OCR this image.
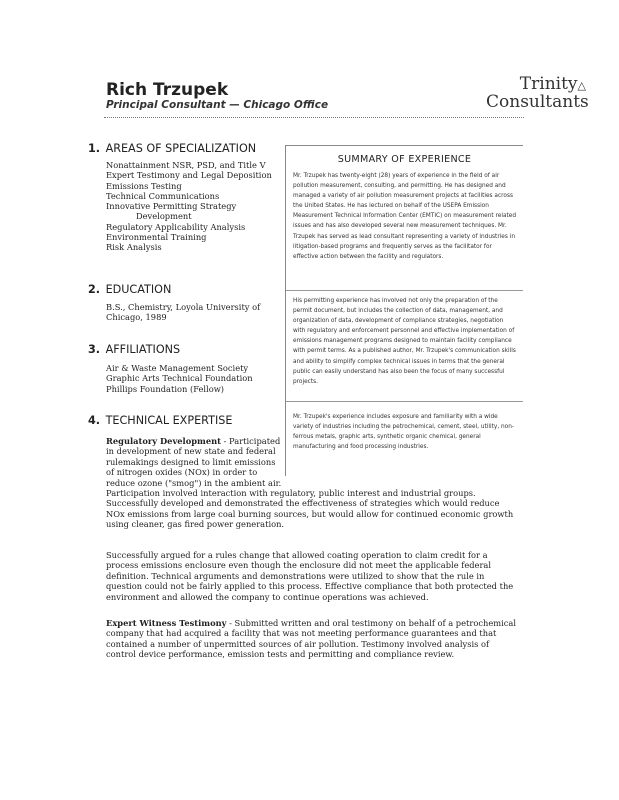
Rich Trzupek
Principal Consultant — Chicago Office
Trinity△
Consultants
1. AREAS OF SPECIALIZATION
Nonattainment NSR, PSD, and Title V
Expert Testimony and Legal Deposition
Emissions Testing
Technical Communications
Innovative Permitting Strategy
Development
Regulatory Applicability Analysis
Environmental Training
Risk Analysis
2. EDUCATION
B.S., Chemistry, Loyola University of
Chicago, 1989
3. AFFILIATIONS
Air & Waste Management Society
Graphic Arts Technical Foundation
Phillips Foundation (Fellow)
SUMMARY OF EXPERIENCE
Mr. Trzupek has twenty-eight (28) years of experience in the field of air pollution measurement, consulting, and permitting. He has designed and managed a variety of air pollution measurement projects at facilities across the United States. He has lectured on behalf of the USEPA Emission Measurement Technical Information Center (EMTIC) on measurement related issues and has also developed several new measurement techniques. Mr. Trzupek has served as lead consultant representing a variety of industries in litigation-based programs and frequently serves as the facilitator for effective action between the facility and regulators.
His permitting experience has involved not only the preparation of the permit document, but includes the collection of data, management, and organization of data, development of compliance strategies, negotiation with regulatory and enforcement personnel and effective implementation of emissions management programs designed to maintain facility compliance with permit terms. As a published author, Mr. Trzupek's communication skills and ability to simplify complex technical issues in terms that the general public can easily understand has also been the focus of many successful projects.
Mr. Trzupek's experience includes exposure and familiarity with a wide variety of industries including the petrochemical, cement, steel, utility, non-ferrous metals, graphic arts, synthetic organic chemical, general manufacturing and food processing industries.
4. TECHNICAL EXPERTISE
Regulatory Development - Participated
in development of new state and federal
rulemakings designed to limit emissions
of nitrogen oxides (NOx) in order to
reduce ozone ("smog") in the ambient air.
Participation involved interaction with regulatory, public interest and industrial groups. Successfully developed and demonstrated the effectiveness of strategies which would reduce NOx emissions from large coal burning sources, but would allow for continued economic growth using cleaner, gas fired power generation.
Successfully argued for a rules change that allowed coating operation to claim credit for a process emissions enclosure even though the enclosure did not meet the applicable federal definition. Technical arguments and demonstrations were utilized to show that the rule in question could not be fairly applied to this process. Effective compliance that both protected the environment and allowed the company to continue operations was achieved.
Expert Witness Testimony - Submitted written and oral testimony on behalf of a petrochemical company that had acquired a facility that was not meeting performance guarantees and that contained a number of unpermitted sources of air pollution. Testimony involved analysis of control device performance, emission tests and permitting and compliance review.
